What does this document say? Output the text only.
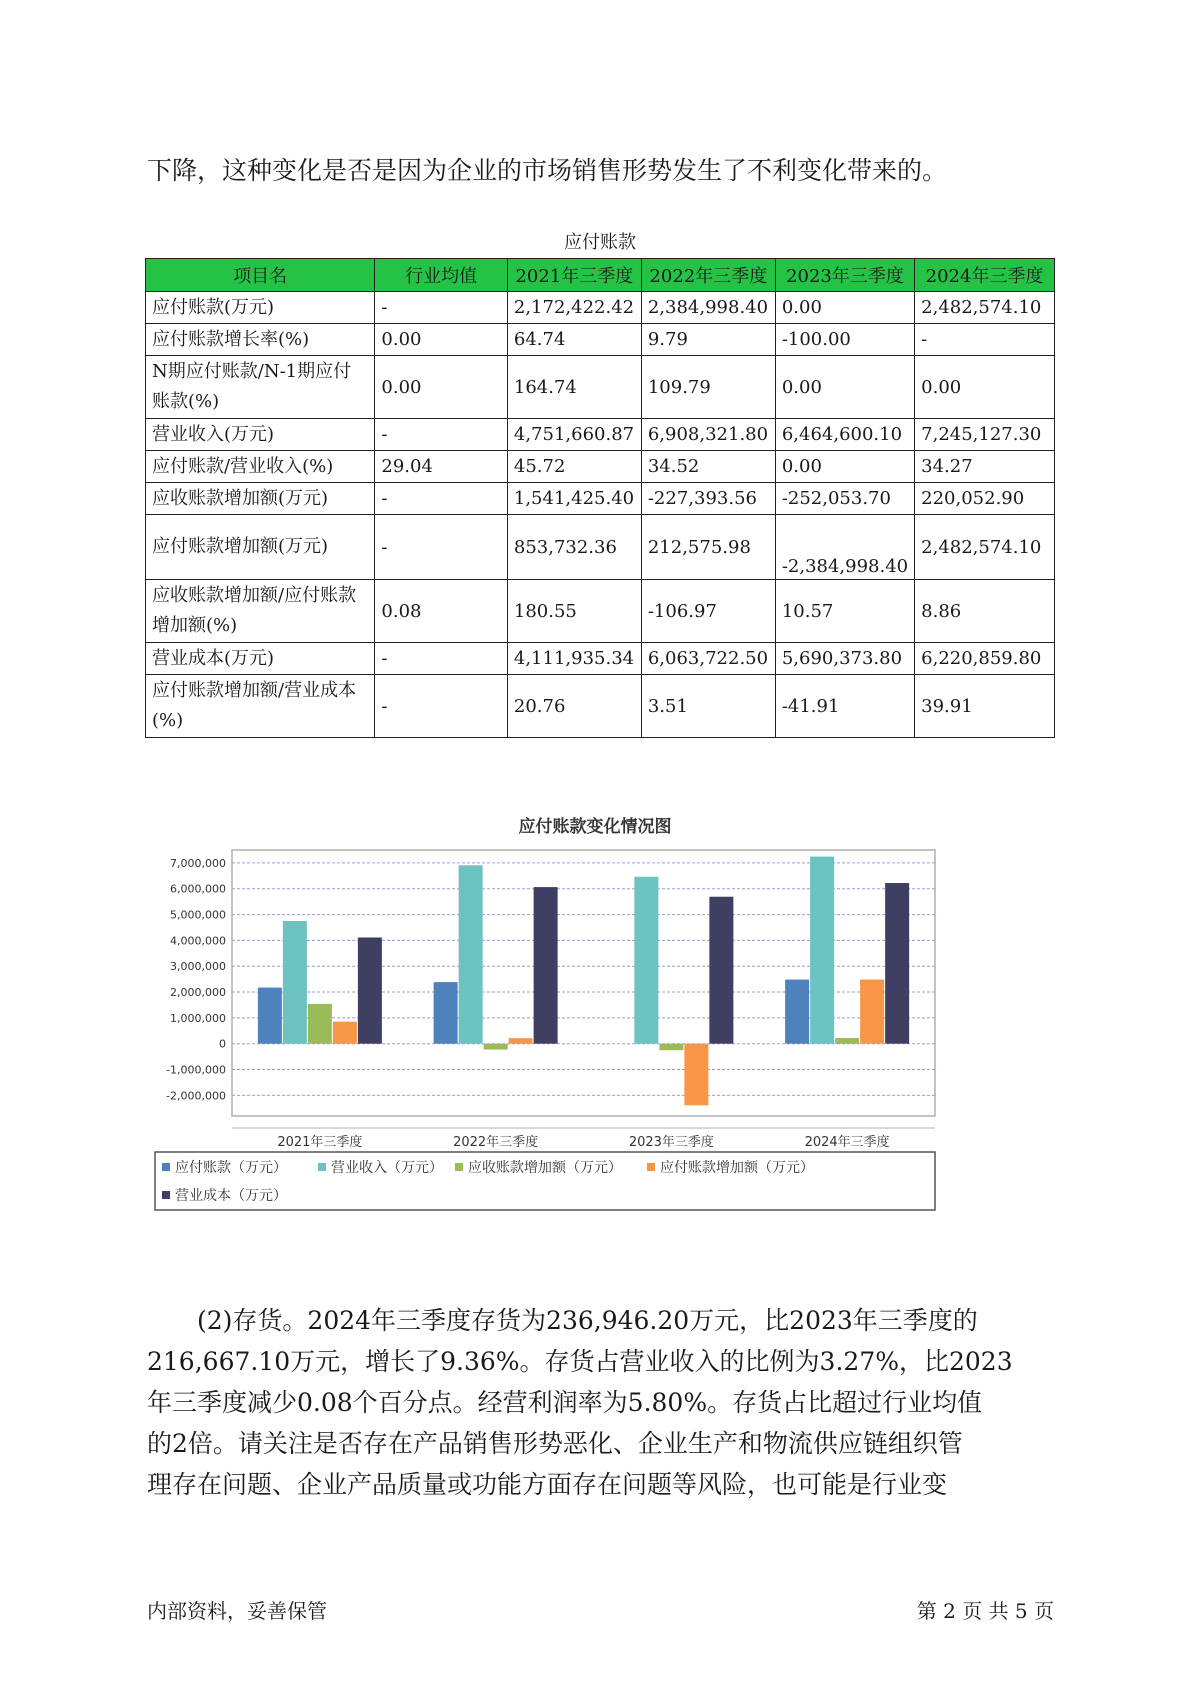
下降，这种变化是否是因为企业的市场销售形势发生了不利变化带来的。

应付账款
项目名	行业均值	2021年三季度	2022年三季度	2023年三季度	2024年三季度
应付账款(万元)	-	2,172,422.42	2,384,998.40	0.00	2,482,574.10
应付账款增长率(%)	0.00	64.74	9.79	-100.00	-
N期应付账款/N-1期应付账款(%)	0.00	164.74	109.79	0.00	0.00
营业收入(万元)	-	4,751,660.87	6,908,321.80	6,464,600.10	7,245,127.30
应付账款/营业收入(%)	29.04	45.72	34.52	0.00	34.27
应收账款增加额(万元)	-	1,541,425.40	-227,393.56	-252,053.70	220,052.90
应付账款增加额(万元)	-	853,732.36	212,575.98	-2,384,998.40	2,482,574.10
应收账款增加额/应付账款增加额(%)	0.08	180.55	-106.97	10.57	8.86
营业成本(万元)	-	4,111,935.34	6,063,722.50	5,690,373.80	6,220,859.80
应付账款增加额/营业成本(%)	-	20.76	3.51	-41.91	39.91
应付账款变化情况图
7,000,000
6,000,000
5,000,000
4,000,000
3,000,000
2,000,000
1,000,000
0
-1,000,000
-2,000,000
2021年三季度	2022年三季度	2023年三季度	2024年三季度
应付账款（万元）	营业收入（万元） 应收账款增加额（万元）	应付账款增加额（万元）
营业成本（万元）

(2)存货。2024年三季度存货为236,946.20万元，比2023年三季度的

216,667.10万元，增长了9.36%。存货占营业收入的比例为3.27%，比2023

年三季度减少0.08个百分点。经营利润率为5.80%。存货占比超过行业均值

的2倍。请关注是否存在产品销售形势恶化、企业生产和物流供应链组织管

理存在问题、企业产品质量或功能方面存在问题等风险，也可能是行业变

内部资料，妥善保管	第 2 页 共 5 页
